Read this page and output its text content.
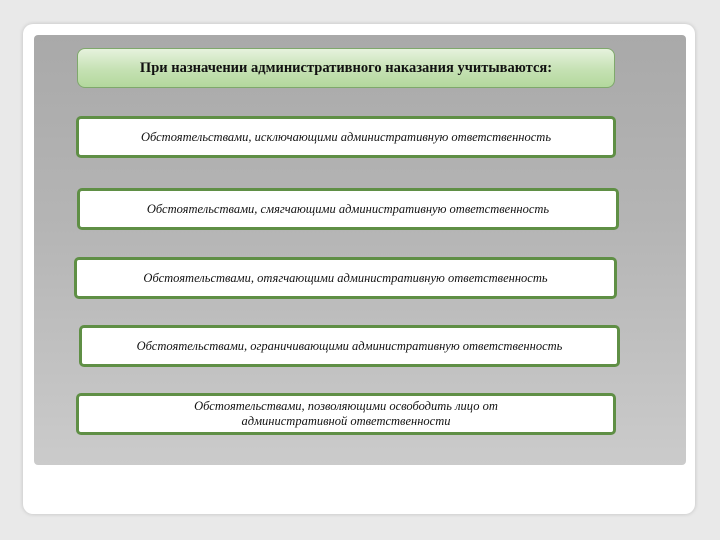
При назначении административного наказания учитываются:
Обстоятельствами, исключающими административную ответственность
Обстоятельствами, смягчающими административную ответственность
Обстоятельствами, отягчающими административную ответственность
Обстоятельствами, ограничивающими административную ответственность
Обстоятельствами, позволяющими освободить лицо от административной ответственности
